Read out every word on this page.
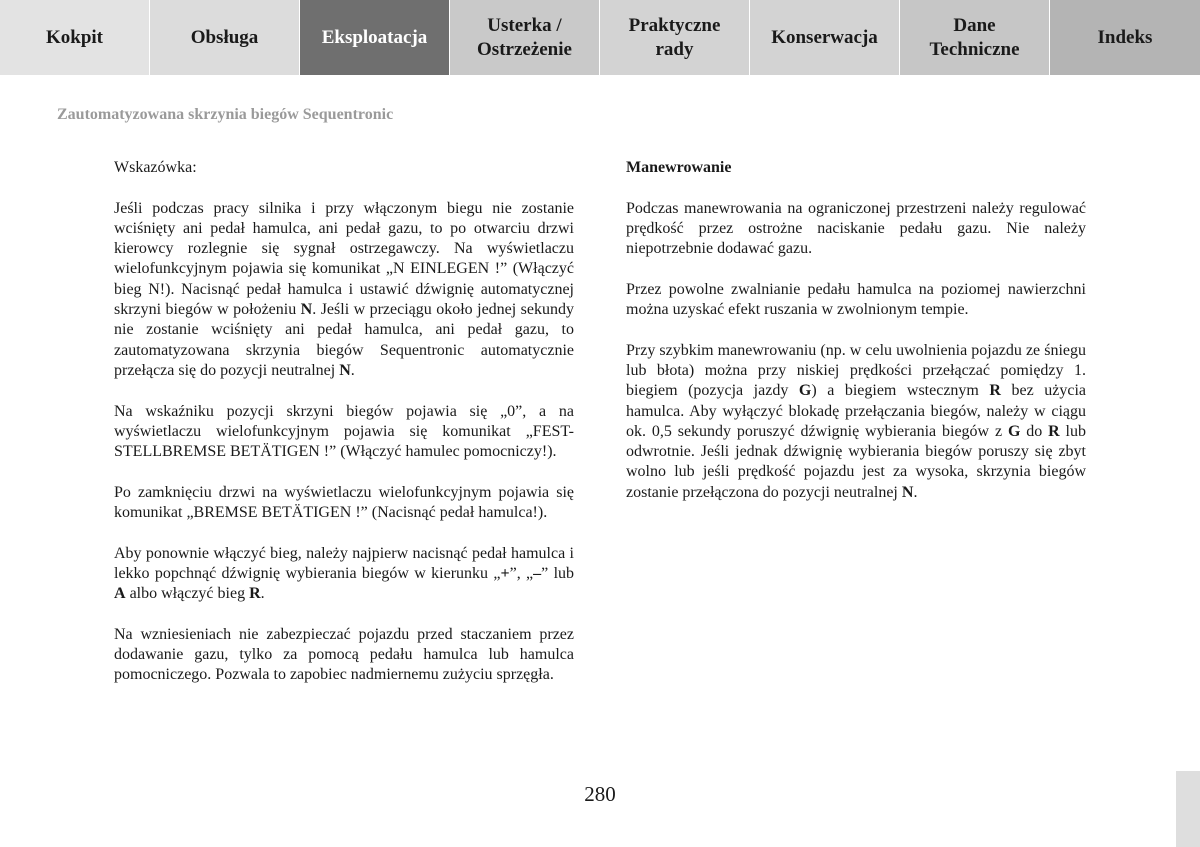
Kokpit	Obsługa	Eksploatacja
Usterka /
Ostrzeżenie
Praktyczne
rady
Konserwacja
Dane
Techniczne
Indeks
Zautomatyzowana skrzynia biegów Sequentronic

Wskazówka:

Jeśli podczas pracy silnika i przy włączonym biegu nie zostanie wciśnięty ani pedał hamulca, ani pedał gazu, to po otwarciu drzwi kierowcy rozlegnie się sygnał ostrzegawczy. Na wyświetlaczu wielofunkcyjnym pojawia się komunikat „N EINLEGEN !” (Włączyć bieg N!). Nacisnąć pedał hamulca i ustawić dźwignię automatycznej skrzyni biegów w położeniu N. Jeśli w przeciągu około jednej sekundy nie zostanie wciśnięty ani pedał hamulca, ani pedał gazu, to zautomatyzowana skrzynia biegów Sequentronic automatycznie przełącza się do pozycji neutralnej N.

Na wskaźniku pozycji skrzyni biegów pojawia się „0”, a na wyświetlaczu wielofunkcyjnym pojawia się komunikat „FEST-STELLBREMSE BETÄTIGEN !” (Włączyć hamulec pomocniczy!).

Po zamknięciu drzwi na wyświetlaczu wielofunkcyjnym pojawia się komunikat „BREMSE BETÄTIGEN !” (Nacisnąć pedał hamulca!).

Aby ponownie włączyć bieg, należy najpierw nacisnąć pedał hamulca i lekko popchnąć dźwignię wybierania biegów w kierunku „+”, „–” lub A albo włączyć bieg R.

Na wzniesieniach nie zabezpieczać pojazdu przed staczaniem przez dodawanie gazu, tylko za pomocą pedału hamulca lub hamulca pomocniczego. Pozwala to zapobiec nadmiernemu zużyciu sprzęgła.

Manewrowanie

Podczas manewrowania na ograniczonej przestrzeni należy regulować prędkość przez ostrożne naciskanie pedału gazu. Nie należy niepotrzebnie dodawać gazu.

Przez powolne zwalnianie pedału hamulca na poziomej nawierzchni można uzyskać efekt ruszania w zwolnionym tempie.

Przy szybkim manewrowaniu (np. w celu uwolnienia pojazdu ze śniegu lub błota) można przy niskiej prędkości przełączać pomiędzy 1. biegiem (pozycja jazdy G) a biegiem wstecznym R bez użycia hamulca. Aby wyłączyć blokadę przełączania biegów, należy w ciągu ok. 0,5 sekundy poruszyć dźwignię wybierania biegów z G do R lub odwrotnie. Jeśli jednak dźwignię wybierania biegów poruszy się zbyt wolno lub jeśli prędkość pojazdu jest za wysoka, skrzynia biegów zostanie przełączona do pozycji neutralnej N.

280
